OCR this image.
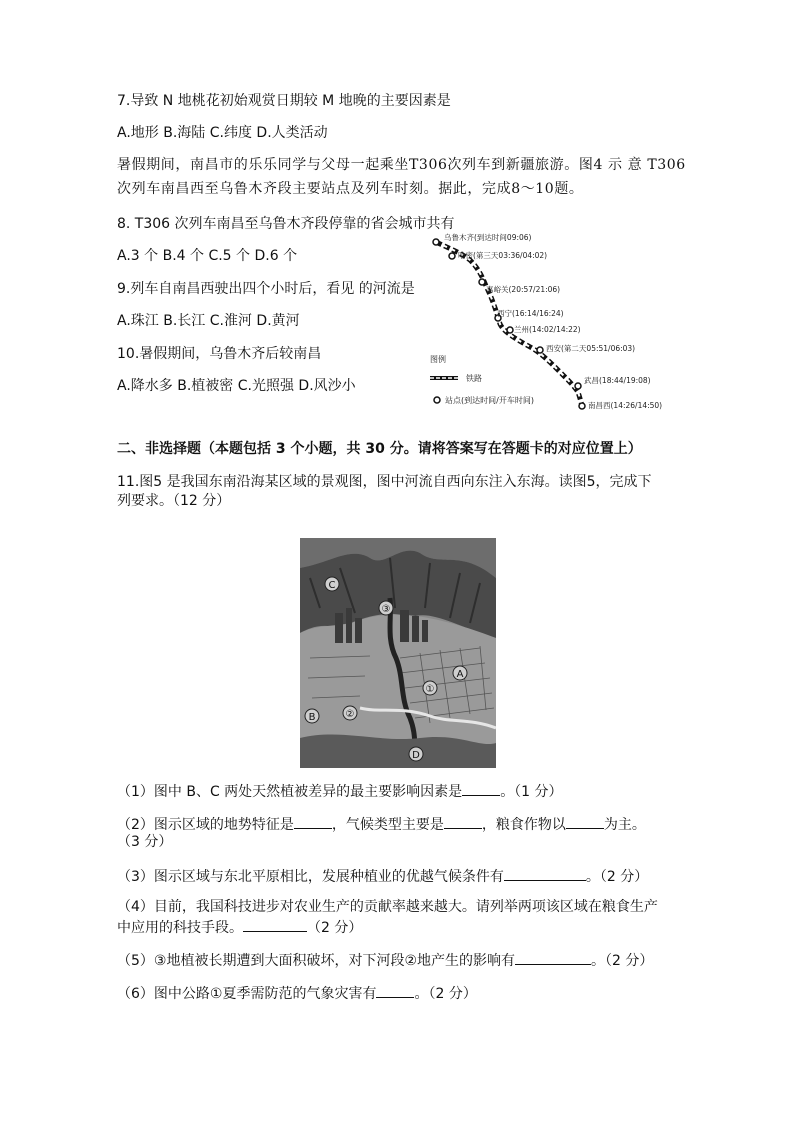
7.导致 N 地桃花初始观赏日期较 M 地晚的主要因素是
A.地形 B.海陆 C.纬度 D.人类活动
暑假期间，南昌市的乐乐同学与父母一起乘坐T306次列车到新疆旅游。图4 示 意 T306
次列车南昌西至乌鲁木齐段主要站点及列车时刻。据此，完成8～10题。
8. T306 次列车南昌至乌鲁木齐段停靠的省会城市共有
A.3 个 B.4 个 C.5 个 D.6 个
9.列车自南昌西驶出四个小时后，看见 的河流是
A.珠江 B.长江 C.淮河 D.黄河
10.暑假期间，乌鲁木齐后较南昌
A.降水多 B.植被密 C.光照强 D.风沙小
乌鲁木齐(到达时间09:06)
哈密(第三天03:36/04:02)
嘉峪关(20:57/21:06)
西宁(16:14/16:24)
兰州(14:02/14:22)
西安(第二天05:51/06:03)
武昌(18:44/19:08)
南昌西(14:26/14:50)
图例
铁路
站点(到达时间/开车时间)
二、非选择题（本题包括 3 个小题，共 30 分。请将答案写在答题卡的对应位置上）
11.图5 是我国东南沿海某区域的景观图，图中河流自西向东注入东海。读图5，完成下
列要求。（12 分）
C
③
①
B	②
A
D
（1）图中 B、C 两处天然植被差异的最主要影响因素是	。（1 分）
（2）图示区域的地势特征是	，气候类型主要是	，粮食作物以	为主。
（3 分）
（3）图示区域与东北平原相比，发展种植业的优越气候条件有	。（2 分）
（4）目前，我国科技进步对农业生产的贡献率越来越大。请列举两项该区域在粮食生产
中应用的科技手段。	（2 分）
（5）③地植被长期遭到大面积破坏，对下河段②地产生的影响有	。（2 分）
（6）图中公路①夏季需防范的气象灾害有	。（2 分）
